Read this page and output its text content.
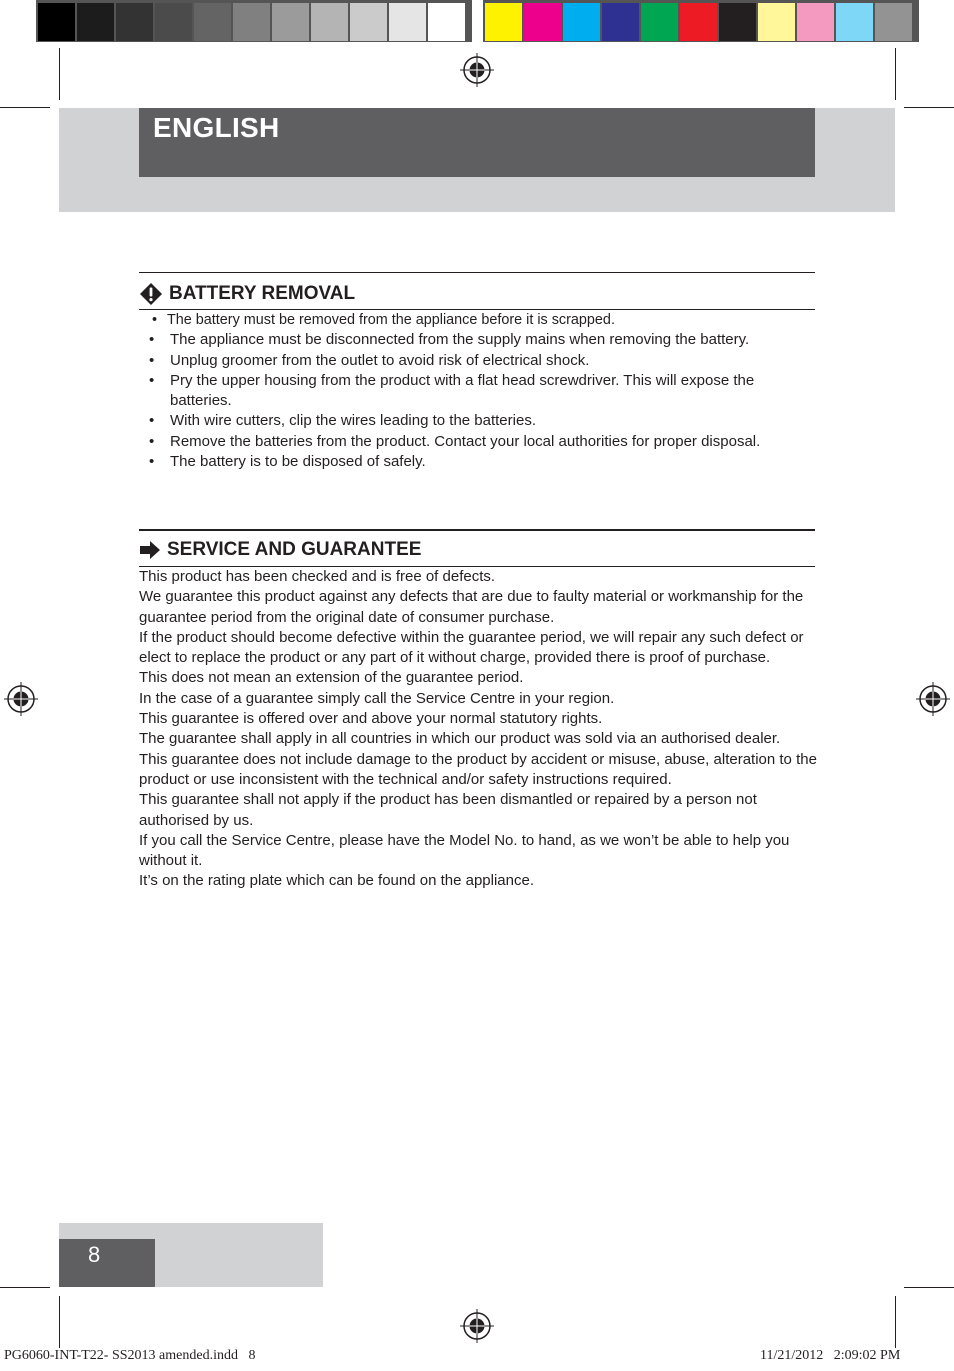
ENGLISH
BATTERY REMOVAL
• The battery must be removed from the appliance before it is scrapped.
• The appliance must be disconnected from the supply mains when removing the battery.
• Unplug groomer from the outlet to avoid risk of electrical shock.
• Pry the upper housing from the product with a flat head screwdriver. This will expose the batteries.
• With wire cutters, clip the wires leading to the batteries.
• Remove the batteries from the product. Contact your local authorities for proper disposal.
• The battery is to be disposed of safely.
SERVICE AND GUARANTEE

This product has been checked and is free of defects.

We guarantee this product against any defects that are due to faulty material or workmanship for the guarantee period from the original date of consumer purchase.

If the product should become defective within the guarantee period, we will repair any such defect or elect to replace the product or any part of it without charge, provided there is proof of purchase.

This does not mean an extension of the guarantee period.

In the case of a guarantee simply call the Service Centre in your region.

This guarantee is offered over and above your normal statutory rights.

The guarantee shall apply in all countries in which our product was sold via an authorised dealer.

This guarantee does not include damage to the product by accident or misuse, abuse, alteration to the product or use inconsistent with the technical and/or safety instructions required.

This guarantee shall not apply if the product has been dismantled or repaired by a person not authorised by us.

If you call the Service Centre, please have the Model No. to hand, as we won’t be able to help you without it.

It’s on the rating plate which can be found on the appliance.

8
PG6060-INT-T22- SS2013 amended.indd   8	11/21/2012   2:09:02 PM
